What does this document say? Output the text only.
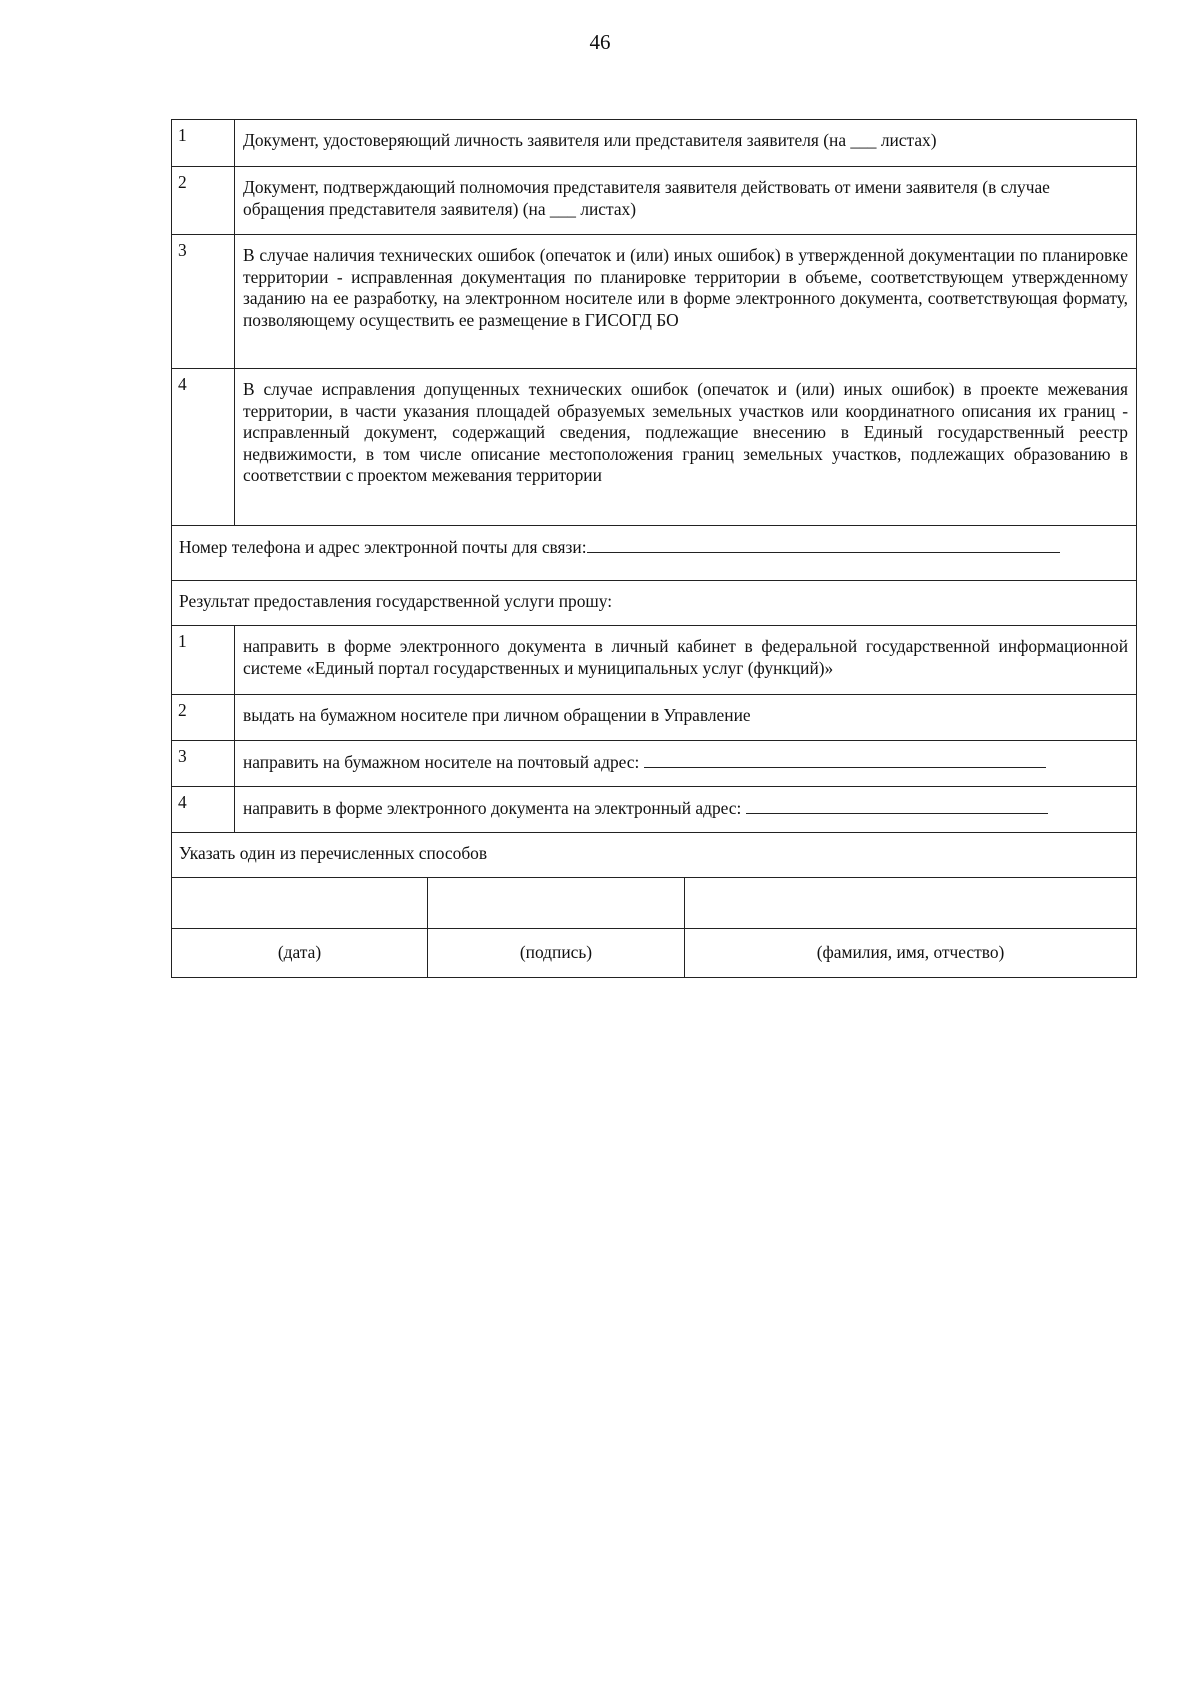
46
1	Документ, удостоверяющий личность заявителя или представителя заявителя (на ___ листах)		
2	Документ, подтверждающий полномочия представителя заявителя действовать от имени заявителя (в случае обращения представителя заявителя) (на ___ листах)		
3	В случае наличия технических ошибок (опечаток и (или) иных ошибок) в утвержденной документации по планировке территории - исправленная документация по планировке территории в объеме, соответствующем утвержденному заданию на ее разработку, на электронном носителе или в форме электронного документа, соответствующая формату, позволяющему осуществить ее размещение в ГИСОГД БО		
4	В случае исправления допущенных технических ошибок (опечаток и (или) иных ошибок) в проекте межевания территории, в части указания площадей образуемых земельных участков или координатного описания их границ - исправленный документ, содержащий сведения, подлежащие внесению в Единый государственный реестр недвижимости, в том числе описание местоположения границ земельных участков, подлежащих образованию в соответствии с проектом межевания территории		
Номер телефона и адрес электронной почты для связи:			
Результат предоставления государственной услуги прошу:			
1	направить в форме электронного документа в личный кабинет в федеральной государственной информационной системе «Единый портал государственных и муниципальных услуг (функций)»		
2	выдать на бумажном носителе при личном обращении в Управление		
3	направить на бумажном носителе на почтовый адрес:		
4	направить в форме электронного документа на электронный адрес:		
Указать один из перечисленных способов			

(дата)		(подпись)	(фамилия, имя, отчество)
